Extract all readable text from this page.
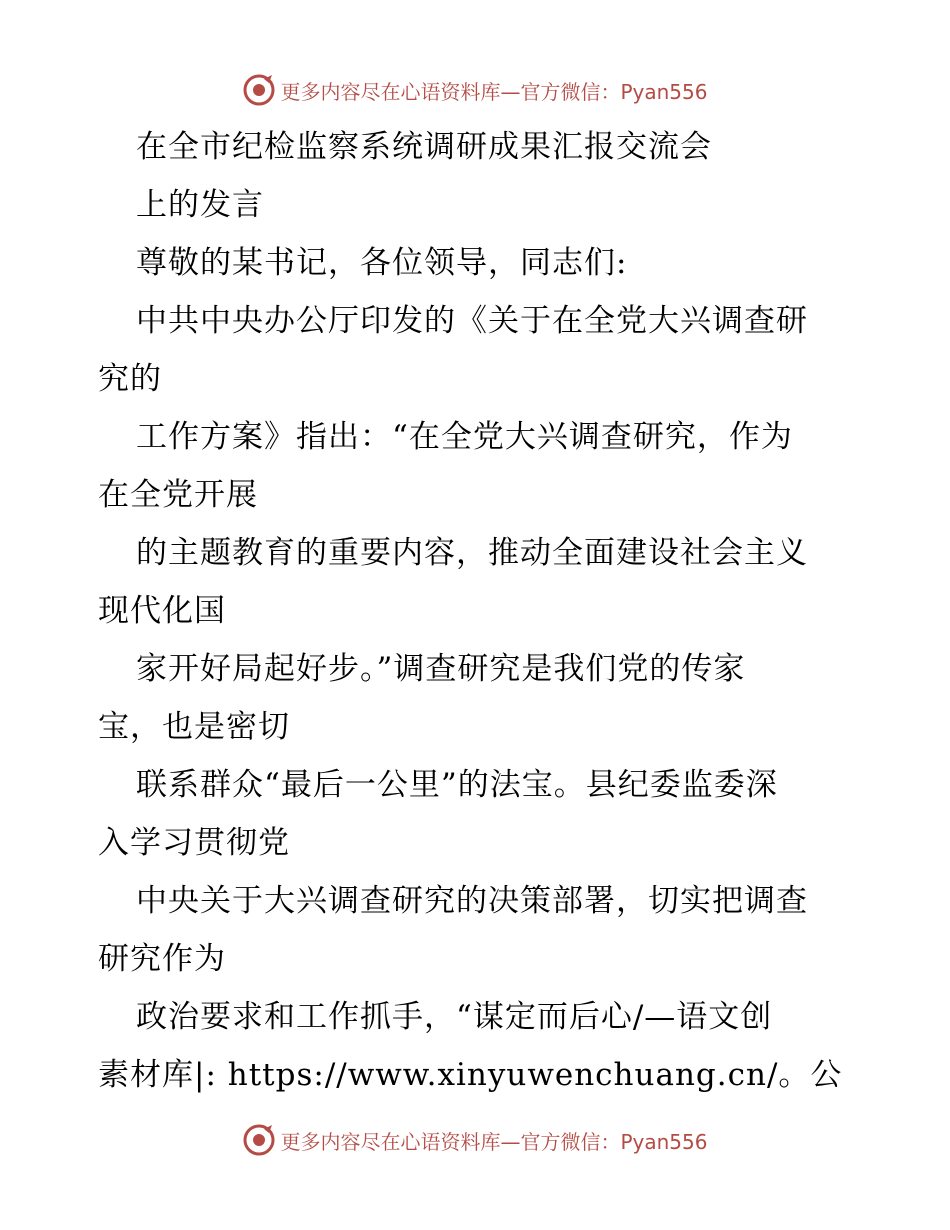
更多内容尽在心语资料库—官方微信：Pyan556
在全市纪检监察系统调研成果汇报交流会
上的发言
尊敬的某书记，各位领导，同志们:
中共中央办公厅印发的《关于在全党大兴调查研
究的
工作方案》指出：“在全党大兴调查研究，作为
在全党开展
的主题教育的重要内容，推动全面建设社会主义
现代化国
家开好局起好步。”调查研究是我们党的传家
宝，也是密切
联系群众“最后一公里”的法宝。县纪委监委深
入学习贯彻党
中央关于大兴调查研究的决策部署，切实把调查
研究作为
政治要求和工作抓手，“谋定而后心/—语文创
素材库|: https://www.xinyuwenchuang.cn/。公
更多内容尽在心语资料库—官方微信：Pyan556
